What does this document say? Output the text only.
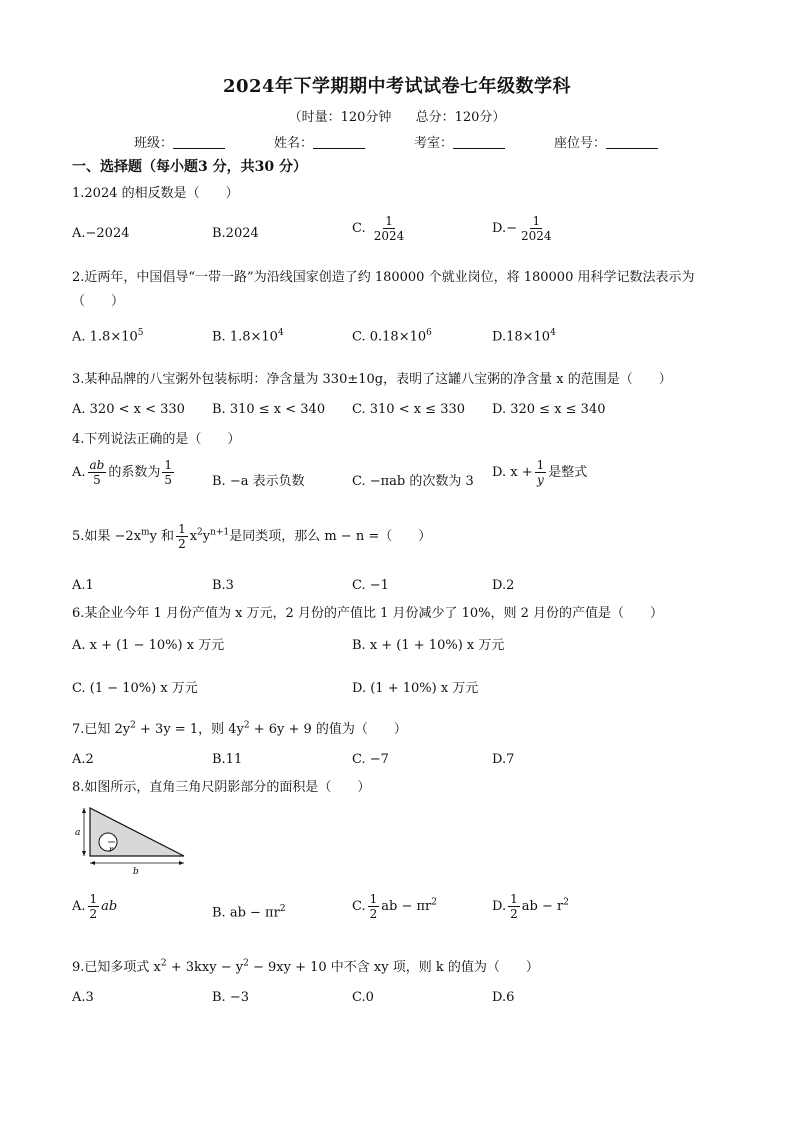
2024年下学期期中考试试卷七年级数学科
（时量：120分钟 总分：120分）
班级：	姓名：	考室：	座位号：
一、选择题（每小题3 分，共30 分）
1.2024 的相反数是（　　）
A.−2024	B.2024	C. $\frac{1}{2024}$	$D.- \frac{1}{2024}$
2.近两年，中国倡导“一带一路”为沿线国家创造了约 180000 个就业岗位，将 180000 用科学记数法表示为（　　）
A. $1.8\times 10^5$	B. $1.8\times 10^4$	C. $0.18\times 10^6$	$D.18\times 10^4$
3.某种品牌的八宝粥外包装标明：净含量为 330±10g，表明了这罐八宝粥的净含量 x 的范围是（　　）
A. 320 < x < 330 B. 310 ≤ x < 340 C. 310 < x ≤ 330 D. 320 ≤ x ≤ 340
4.下列说法正确的是（　　）
A. $\frac{ab}{5}$ 的系数为 $\frac{1}{5}$	B. −a 表示负数	C. −πab 的次数为 3
D. $x + \frac{1}{y}$ 是整式
5.如果 $-2x^my$ 和 $\frac{1}{2} x^2y^{n+1}$是同类项，那么 m − n =（　　）
A.1	B.3	C. −1	D.2
6.某企业今年 1 月份产值为 x 万元，2 月份的产值比 1 月份减少了 10%，则 2 月份的产值是（　　）
A. x + (1 − 10%) x 万元	B. x + (1 + 10%) x 万元
C. (1 − 10%) x 万元	D. (1 + 10%) x 万元
7.已知 $2y^2 + 3y = 1$，则 $4y^2 + 6y + 9$ 的值为（　　）
A.2	B.11	C. −7	D.7
8.如图所示，直角三角尺阴影部分的面积是（　　）
r
a
b
A. $\frac{1}{2}$ ab	B. ab − $\pi r^2$	C. $\frac{1}{2}$ ab − $\pi r^2$	D. $\frac{1}{2}$ ab − $r^2$
9.已知多项式 $x^2 + 3kxy - y^2 - 9xy + 10$ 中不含 xy 项，则 k 的值为（　　）
A.3	B. −3	C.0	D.6
